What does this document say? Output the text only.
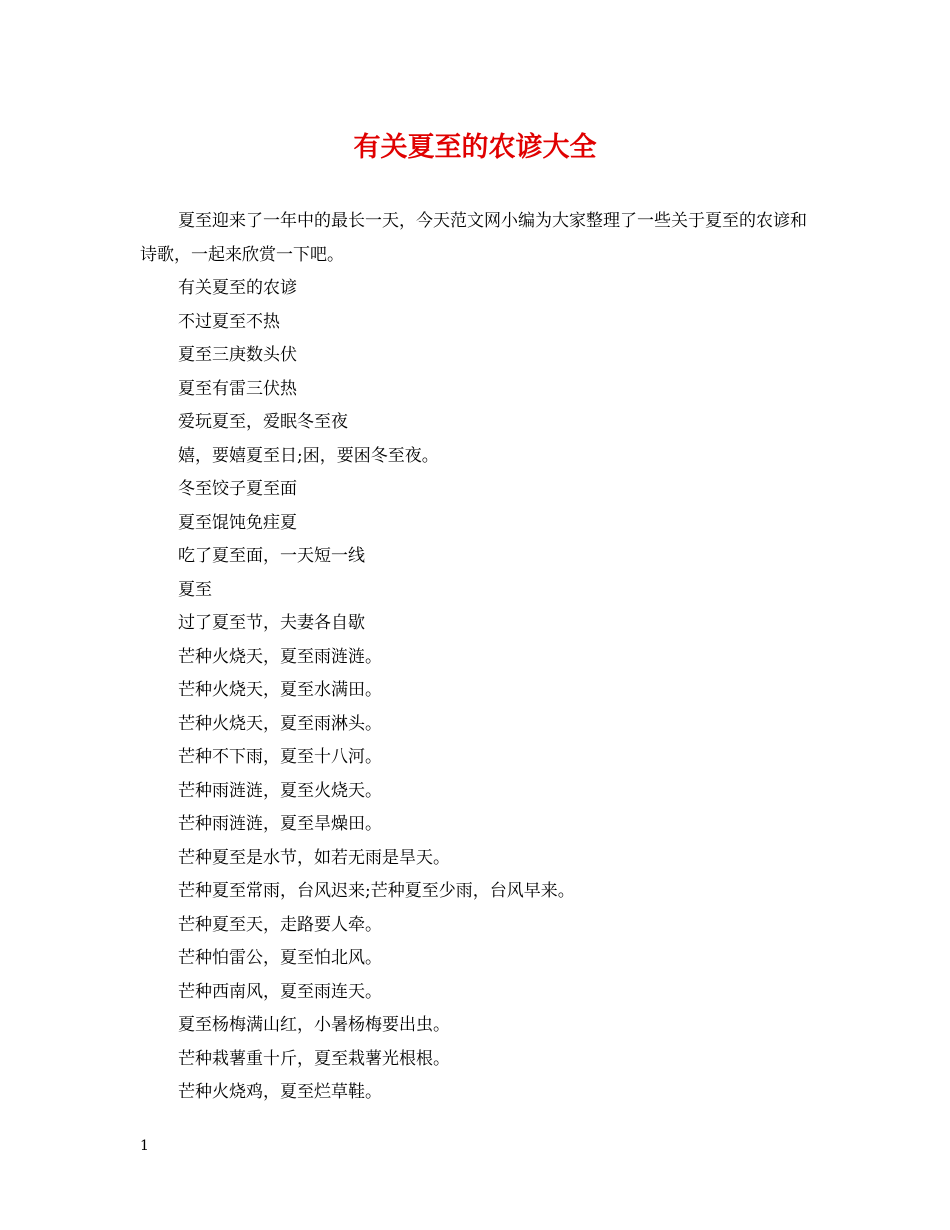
有关夏至的农谚大全

夏至迎来了一年中的最长一天，今天范文网小编为大家整理了一些关于夏至的农谚和诗歌，一起来欣赏一下吧。

有关夏至的农谚

不过夏至不热

夏至三庚数头伏

夏至有雷三伏热

爱玩夏至，爱眠冬至夜

嬉，要嬉夏至日;困，要困冬至夜。

冬至饺子夏至面

夏至馄饨免疰夏

吃了夏至面，一天短一线

夏至

过了夏至节，夫妻各自歇

芒种火烧天，夏至雨涟涟。

芒种火烧天，夏至水满田。

芒种火烧天，夏至雨淋头。

芒种不下雨，夏至十八河。

芒种雨涟涟，夏至火烧天。

芒种雨涟涟，夏至旱燥田。

芒种夏至是水节，如若无雨是旱天。

芒种夏至常雨，台风迟来;芒种夏至少雨，台风早来。

芒种夏至天，走路要人牵。

芒种怕雷公，夏至怕北风。

芒种西南风，夏至雨连天。

夏至杨梅满山红，小暑杨梅要出虫。

芒种栽薯重十斤，夏至栽薯光根根。

芒种火烧鸡，夏至烂草鞋。

1
